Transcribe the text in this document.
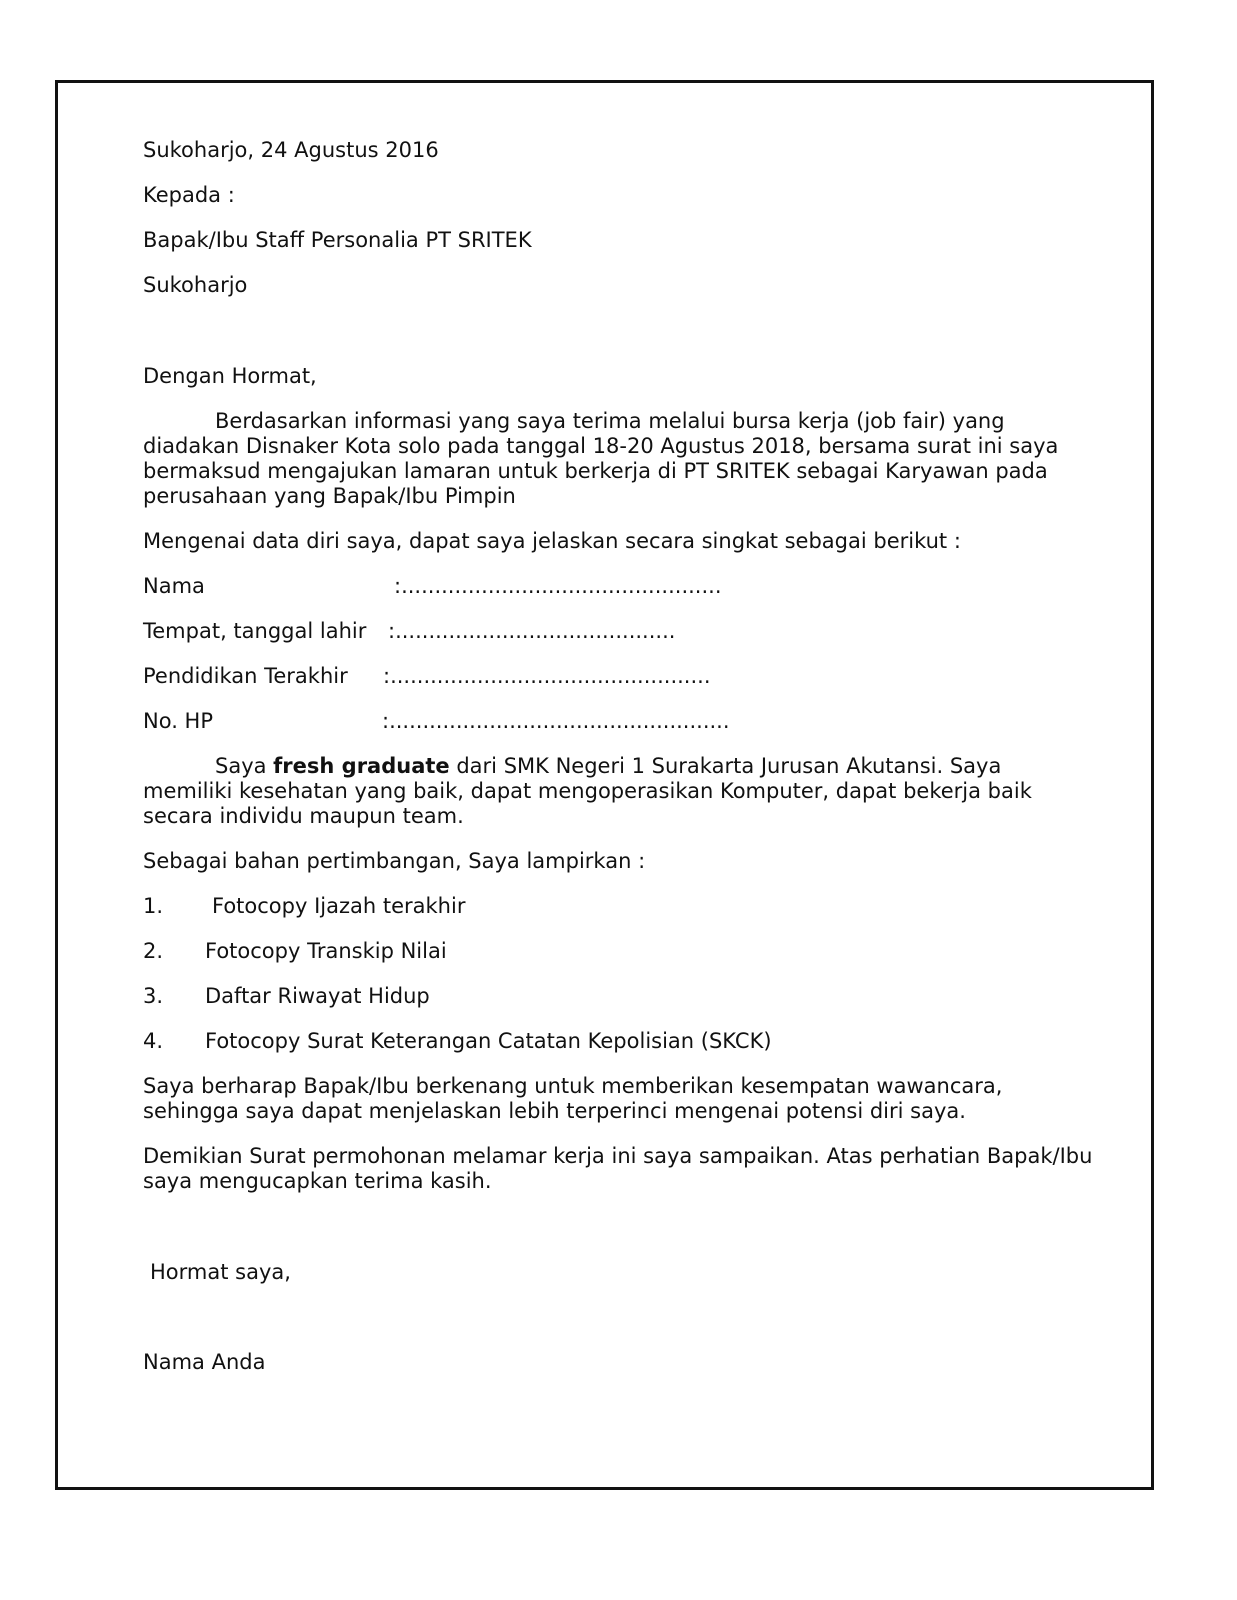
Sukoharjo, 24 Agustus 2016
Kepada :
Bapak/Ibu Staff Personalia PT SRITEK
Sukoharjo
Dengan Hormat,

Berdasarkan informasi yang saya terima melalui bursa kerja (job fair) yang diadakan Disnaker Kota solo pada tanggal 18-20 Agustus 2018, bersama surat ini saya bermaksud mengajukan lamaran untuk berkerja di PT SRITEK sebagai Karyawan pada perusahaan yang Bapak/Ibu Pimpin

Mengenai data diri saya, dapat saya jelaskan secara singkat sebagai berikut :

Nama

	:................................................

Tempat, tanggal lahir

:..........................................

Pendidikan Terakhir

:................................................

No. HP

	:...................................................

Saya fresh graduate dari SMK Negeri 1 Surakarta Jurusan Akutansi. Saya memiliki kesehatan yang baik, dapat mengoperasikan Komputer, dapat bekerja baik secara individu maupun team.

Sebagai bahan pertimbangan, Saya lampirkan :

1.

Fotocopy Ijazah terakhir

2.

Fotocopy Transkip Nilai

3.

Daftar Riwayat Hidup

4.

Fotocopy Surat Keterangan Catatan Kepolisian (SKCK)

Saya berharap Bapak/Ibu berkenang untuk memberikan kesempatan wawancara, sehingga saya dapat menjelaskan lebih terperinci mengenai potensi diri saya.

Demikian Surat permohonan melamar kerja ini saya sampaikan. Atas perhatian Bapak/Ibu saya mengucapkan terima kasih.

Hormat saya,
Nama Anda
